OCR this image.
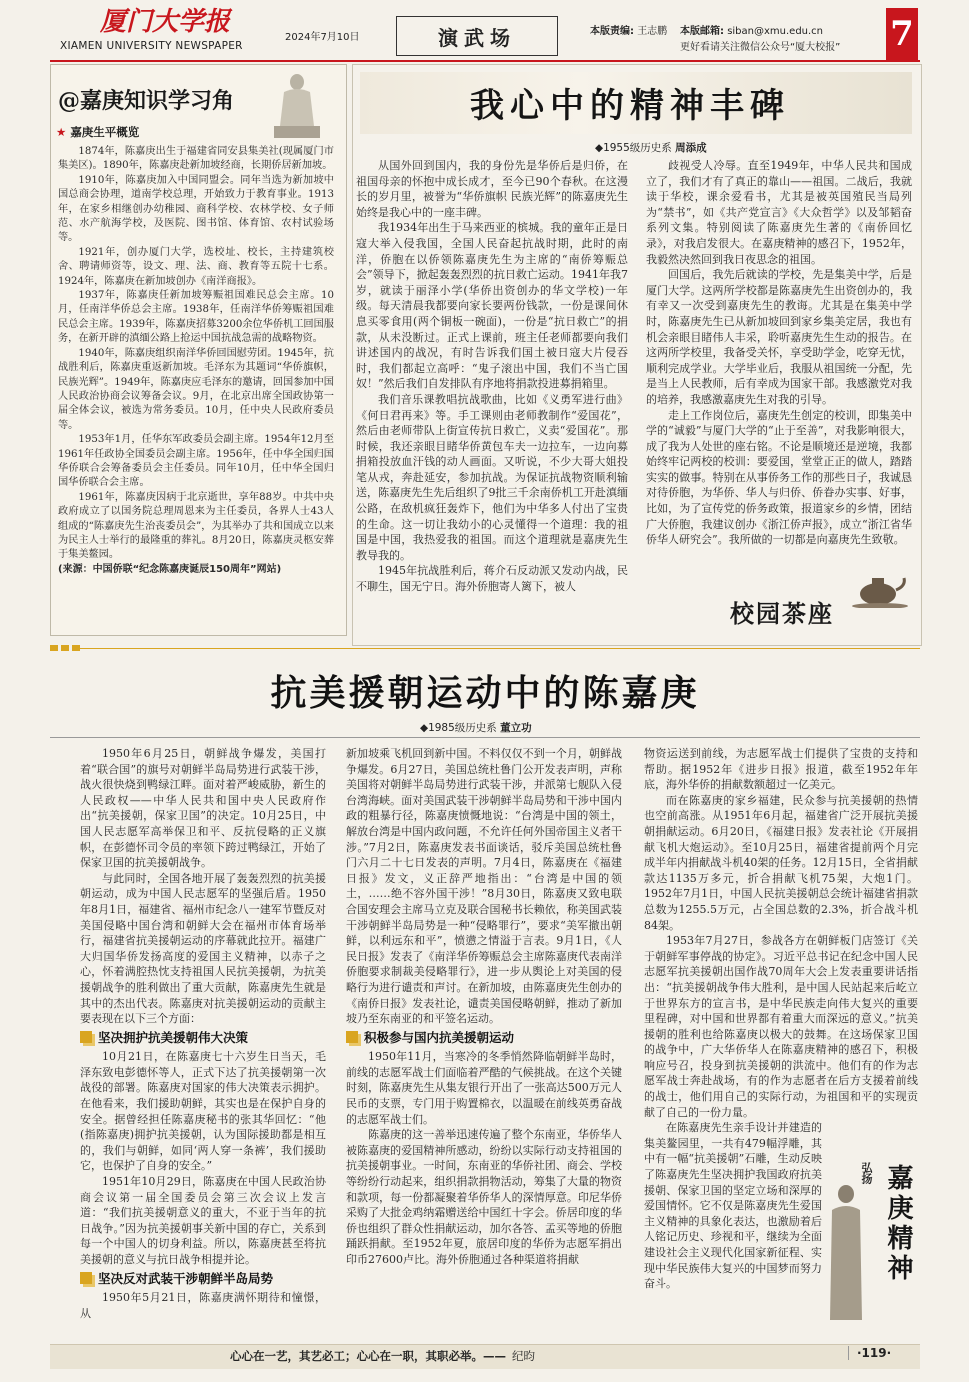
厦门大学报
XIAMEN UNIVERSITY NEWSPAPER
2024年7月10日	演武场	本版责编: 王志鹏 本版邮箱: siban@xmu.edu.cn
更好看请关注微信公众号“厦大校报” 7
@嘉庚知识学习角
★ 嘉庚生平概览

1874年，陈嘉庚出生于福建省同安县集美社(现属厦门市集美区)。1890年，陈嘉庚赴新加坡经商，长期侨居新加坡。

1910年，陈嘉庚加入中国同盟会。同年当选为新加坡中国总商会协理，道南学校总理，开始致力于教育事业。1913年，在家乡相继创办幼稚园、商科学校、农林学校、女子师范、水产航海学校，及医院、图书馆、体育馆、农村试验场等。

1921年，创办厦门大学，选校址、校长，主持建筑校舍、聘请师资等，设文、理、法、商、教育等五院十七系。1924年，陈嘉庚在新加坡创办《南洋商报》。

1937年，陈嘉庚任新加坡筹赈祖国难民总会主席。10月，任南洋华侨总会主席。1938年，任南洋华侨筹赈祖国难民总会主席。1939年，陈嘉庚招募3200余位华侨机工回国服务，在新开辟的滇缅公路上抢运中国抗战急需的战略物资。

1940年，陈嘉庚组织南洋华侨回国慰劳团。1945年，抗战胜利后，陈嘉庚重返新加坡。毛泽东为其题词“华侨旗帜，民族光辉”。1949年，陈嘉庚应毛泽东的邀请，回国参加中国人民政治协商会议筹备会议。9月，在北京出席全国政协第一届全体会议，被选为常务委员。10月，任中央人民政府委员等。

1953年1月，任华东军政委员会副主席。1954年12月至1961年任政协全国委员会副主席。1956年，任中华全国归国华侨联合会筹备委员会主任委员。同年10月，任中华全国归国华侨联合会主席。

1961年，陈嘉庚因病于北京逝世，享年88岁。中共中央政府成立了以国务院总理周恩来为主任委员，各界人士43人组成的“陈嘉庚先生治丧委员会”，为其举办了共和国成立以来为民主人士举行的最隆重的葬礼。8月20日，陈嘉庚灵柩安葬于集美鳌园。

(来源：中国侨联“纪念陈嘉庚诞辰150周年”网站)

我心中的精神丰碑
◆1955级历史系 周添成

从国外回到国内，我的身份先是华侨后是归侨，在祖国母亲的怀抱中成长成才，至今已90个春秋。在这漫长的岁月里，被誉为“华侨旗帜 民族光辉”的陈嘉庚先生始终是我心中的一座丰碑。

我1934年出生于马来西亚的槟城。我的童年正是日寇大举入侵我国，全国人民奋起抗战时期，此时的南洋，侨胞在以侨领陈嘉庚先生为主席的“南侨筹赈总会”领导下，掀起轰轰烈烈的抗日救亡运动。1941年我7岁，就读于丽泽小学(华侨出资创办的华文学校)一年级。每天清晨我都要向家长要两份钱款，一份是课间休息买零食用(两个铜板一碗面)，一份是“抗日救亡”的捐款，从未没断过。正式上课前，班主任老师都要向我们讲述国内的战况，有时告诉我们国土被日寇大片侵吞时，我们都起立高呼：“鬼子滚出中国，我们不当亡国奴！”然后我们自发排队有序地将捐款投进募捐箱里。

我们音乐课教唱抗战歌曲，比如《义勇军进行曲》《何日君再来》等。手工课则由老师教制作“爱国花”，然后由老师带队上街宣传抗日救亡，义卖“爱国花”。那时候，我还亲眼目睹华侨黄包车夫一边拉车，一边向募捐箱投放血汗钱的动人画面。又听说，不少大哥大姐投笔从戎，奔赴延安，参加抗战。为保证抗战物资顺利输送，陈嘉庚先生先后组织了9批三千余南侨机工开赴滇缅公路，在敌机疯狂轰炸下，他们为中华多人付出了宝贵的生命。这一切让我幼小的心灵懂得一个道理：我的祖国是中国，我热爱我的祖国。而这个道理就是嘉庚先生教导我的。

1945年抗战胜利后，蒋介石反动派又发动内战，民不聊生，国无宁日。海外侨胞寄人篱下，被人

歧视受人冷辱。直至1949年，中华人民共和国成立了，我们才有了真正的靠山——祖国。二战后，我就读于华校，课余爱看书，尤其是被英国殖民当局列为“禁书”，如《共产党宣言》《大众哲学》以及邹韬奋系列文集。特别阅读了陈嘉庚先生著的《南侨回忆录》，对我启发很大。在嘉庚精神的感召下，1952年，我毅然决然回到我日夜思念的祖国。

回国后，我先后就读的学校，先是集美中学，后是厦门大学。这两所学校都是陈嘉庚先生出资创办的，我有幸又一次受到嘉庚先生的教诲。尤其是在集美中学时，陈嘉庚先生已从新加坡回到家乡集美定居，我也有机会亲眼目睹伟人丰采，聆听嘉庚先生生动的报告。在这两所学校里，我备受关怀，享受助学金，吃穿无忧，顺利完成学业。大学毕业后，我服从祖国统一分配，先是当上人民教师，后有幸成为国家干部。我感激党对我的培养，我感激嘉庚先生对我的引导。

走上工作岗位后，嘉庚先生创定的校训，即集美中学的“诚毅”与厦门大学的“止于至善”，对我影响很大，成了我为人处世的座右铭。不论是顺境还是逆境，我都始终牢记两校的校训：要爱国，堂堂正正的做人，踏踏实实的做事。特别在从事侨务工作的那些日子，我诚恳对待侨胞，为华侨、华人与归侨、侨眷办实事、好事，比如，为了宣传党的侨务政策，报道家乡的乡情，团结广大侨胞，我建议创办《浙江侨声报》，成立“浙江省华侨华人研究会”。我所做的一切都是向嘉庚先生致敬。

校园茶座
抗美援朝运动中的陈嘉庚
◆1985级历史系 董立功

1950年6月25日，朝鲜战争爆发，美国打着“联合国”的旗号对朝鲜半岛局势进行武装干涉，战火很快烧到鸭绿江畔。面对着严峻威胁，新生的人民政权——中华人民共和国中央人民政府作出“抗美援朝，保家卫国”的决定。10月25日，中国人民志愿军高举保卫和平、反抗侵略的正义旗帜，在彭德怀司令员的率领下跨过鸭绿江，开始了保家卫国的抗美援朝战争。

与此同时，全国各地开展了轰轰烈烈的抗美援朝运动，成为中国人民志愿军的坚强后盾。1950年8月1日，福建省、福州市纪念八一建军节暨反对美国侵略中国台湾和朝鲜大会在福州市体育场举行，福建省抗美援朝运动的序幕就此拉开。福建广大归国华侨发扬高度的爱国主义精神，以赤子之心，怀着满腔热忱支持祖国人民抗美援朝，为抗美援朝战争的胜利做出了重大贡献，陈嘉庚先生就是其中的杰出代表。陈嘉庚对抗美援朝运动的贡献主要表现在以下三个方面：

坚决拥护抗美援朝伟大决策

10月21日，在陈嘉庚七十六岁生日当天，毛泽东致电彭德怀等人，正式下达了抗美援朝第一次战役的部署。陈嘉庚对国家的伟大决策表示拥护。在他看来，我们援助朝鲜，其实也是在保护自身的安全。据曾经担任陈嘉庚秘书的张其华回忆：“他(指陈嘉庚)拥护抗美援朝，认为国际援助都是相互的，我们与朝鲜，如同‘两人穿一条裤’，我们援助它，也保护了自身的安全。”

1951年10月29日，陈嘉庚在中国人民政治协商会议第一届全国委员会第三次会议上发言道：“我们抗美援朝意义的重大，不亚于当年的抗日战争。”因为抗美援朝事关新中国的存亡，关系到每一个中国人的切身利益。所以，陈嘉庚甚至将抗美援朝的意义与抗日战争相提并论。

坚决反对武装干涉朝鲜半岛局势

1950年5月21日，陈嘉庚满怀期待和憧憬，从

新加坡乘飞机回到新中国。不料仅仅不到一个月，朝鲜战争爆发。6月27日，美国总统杜鲁门公开发表声明，声称美国将对朝鲜半岛局势进行武装干涉，并派第七舰队入侵台湾海峡。面对美国武装干涉朝鲜半岛局势和干涉中国内政的粗暴行径，陈嘉庚愤慨地说：“台湾是中国的领土，解放台湾是中国内政问题，不允许任何外国帝国主义者干涉。”7月2日，陈嘉庚发表书面谈话，驳斥美国总统杜鲁门六月二十七日发表的声明。7月4日，陈嘉庚在《福建日报》发文，义正辞严地指出：“台湾是中国的领土，……绝不容外国干涉！”8月30日，陈嘉庚又致电联合国安理会主席马立克及联合国秘书长赖依，称美国武装干涉朝鲜半岛局势是一种“侵略罪行”，要求“美军撤出朝鲜，以利远东和平”，愤懑之情溢于言表。9月1日，《人民日报》发表了《南洋华侨筹赈总会主席陈嘉庚代表南洋侨胞要求制裁美侵略罪行》，进一步从舆论上对美国的侵略行为进行谴责和声讨。在新加坡，由陈嘉庚先生创办的《南侨日报》发表社论，谴责美国侵略朝鲜，推动了新加坡乃至东南亚的和平签名运动。

积极参与国内抗美援朝运动

1950年11月，当寒冷的冬季悄然降临朝鲜半岛时，前线的志愿军战士们面临着严酷的气候挑战。在这个关键时刻，陈嘉庚先生从集友银行开出了一张高达500万元人民币的支票，专门用于购置棉衣，以温暖在前线英勇奋战的志愿军战士们。

陈嘉庚的这一善举迅速传遍了整个东南亚，华侨华人被陈嘉庚的爱国精神所感动，纷纷以实际行动支持祖国的抗美援朝事业。一时间，东南亚的华侨社团、商会、学校等纷纷行动起来，组织捐款捐物活动，筹集了大量的物资和款项，每一份都凝聚着华侨华人的深情厚意。印尼华侨采购了大批金鸡纳霜赠送给中国红十字会。侨居印度的华侨也组织了群众性捐献运动，加尔各答、孟买等地的侨胞踊跃捐献。至1952年夏，旅居印度的华侨为志愿军捐出印币27600卢比。海外侨胞通过各种渠道将捐献

物资运送到前线，为志愿军战士们提供了宝贵的支持和帮助。据1952年《进步日报》报道，截至1952年年底，海外华侨的捐献数额超过一亿美元。

而在陈嘉庚的家乡福建，民众参与抗美援朝的热情也空前高涨。从1951年6月起，福建省广泛开展抗美援朝捐献运动。6月20日，《福建日报》发表社论《开展捐献飞机大炮运动》。至10月25日，福建省提前两个月完成半年内捐献战斗机40架的任务。12月15日，全省捐献款达1135万多元，折合捐献飞机75架，大炮1门。1952年7月1日，中国人民抗美援朝总会统计福建省捐款总数为1255.5万元，占全国总数的2.3%，折合战斗机84架。

1953年7月27日，参战各方在朝鲜板门店签订《关于朝鲜军事停战的协定》。习近平总书记在纪念中国人民志愿军抗美援朝出国作战70周年大会上发表重要讲话指出：“抗美援朝战争伟大胜利，是中国人民站起来后屹立于世界东方的宣言书，是中华民族走向伟大复兴的重要里程碑，对中国和世界都有着重大而深远的意义。”抗美援朝的胜利也给陈嘉庚以极大的鼓舞。在这场保家卫国的战争中，广大华侨华人在陈嘉庚精神的感召下，积极响应号召，投身到抗美援朝的洪流中。他们有的作为志愿军战士奔赴战场，有的作为志愿者在后方支援着前线的战士，他们用自己的实际行动，为祖国和平的实现贡献了自己的一份力量。

在陈嘉庚先生亲手设计并建造的集美鳌园里，一共有479幅浮雕，其中有一幅“抗美援朝”石雕，生动反映了陈嘉庚先生坚决拥护我国政府抗美援朝、保家卫国的坚定立场和深厚的爱国情怀。它不仅是陈嘉庚先生爱国主义精神的具象化表达，也激励着后人铭记历史、珍视和平，继续为全面建设社会主义现代化国家新征程、实现中华民族伟大复兴的中国梦而努力奋斗。

弘扬 嘉庚精神
心心在一艺，其艺必工；心心在一职，其职必举。—— 纪昀	·119·
